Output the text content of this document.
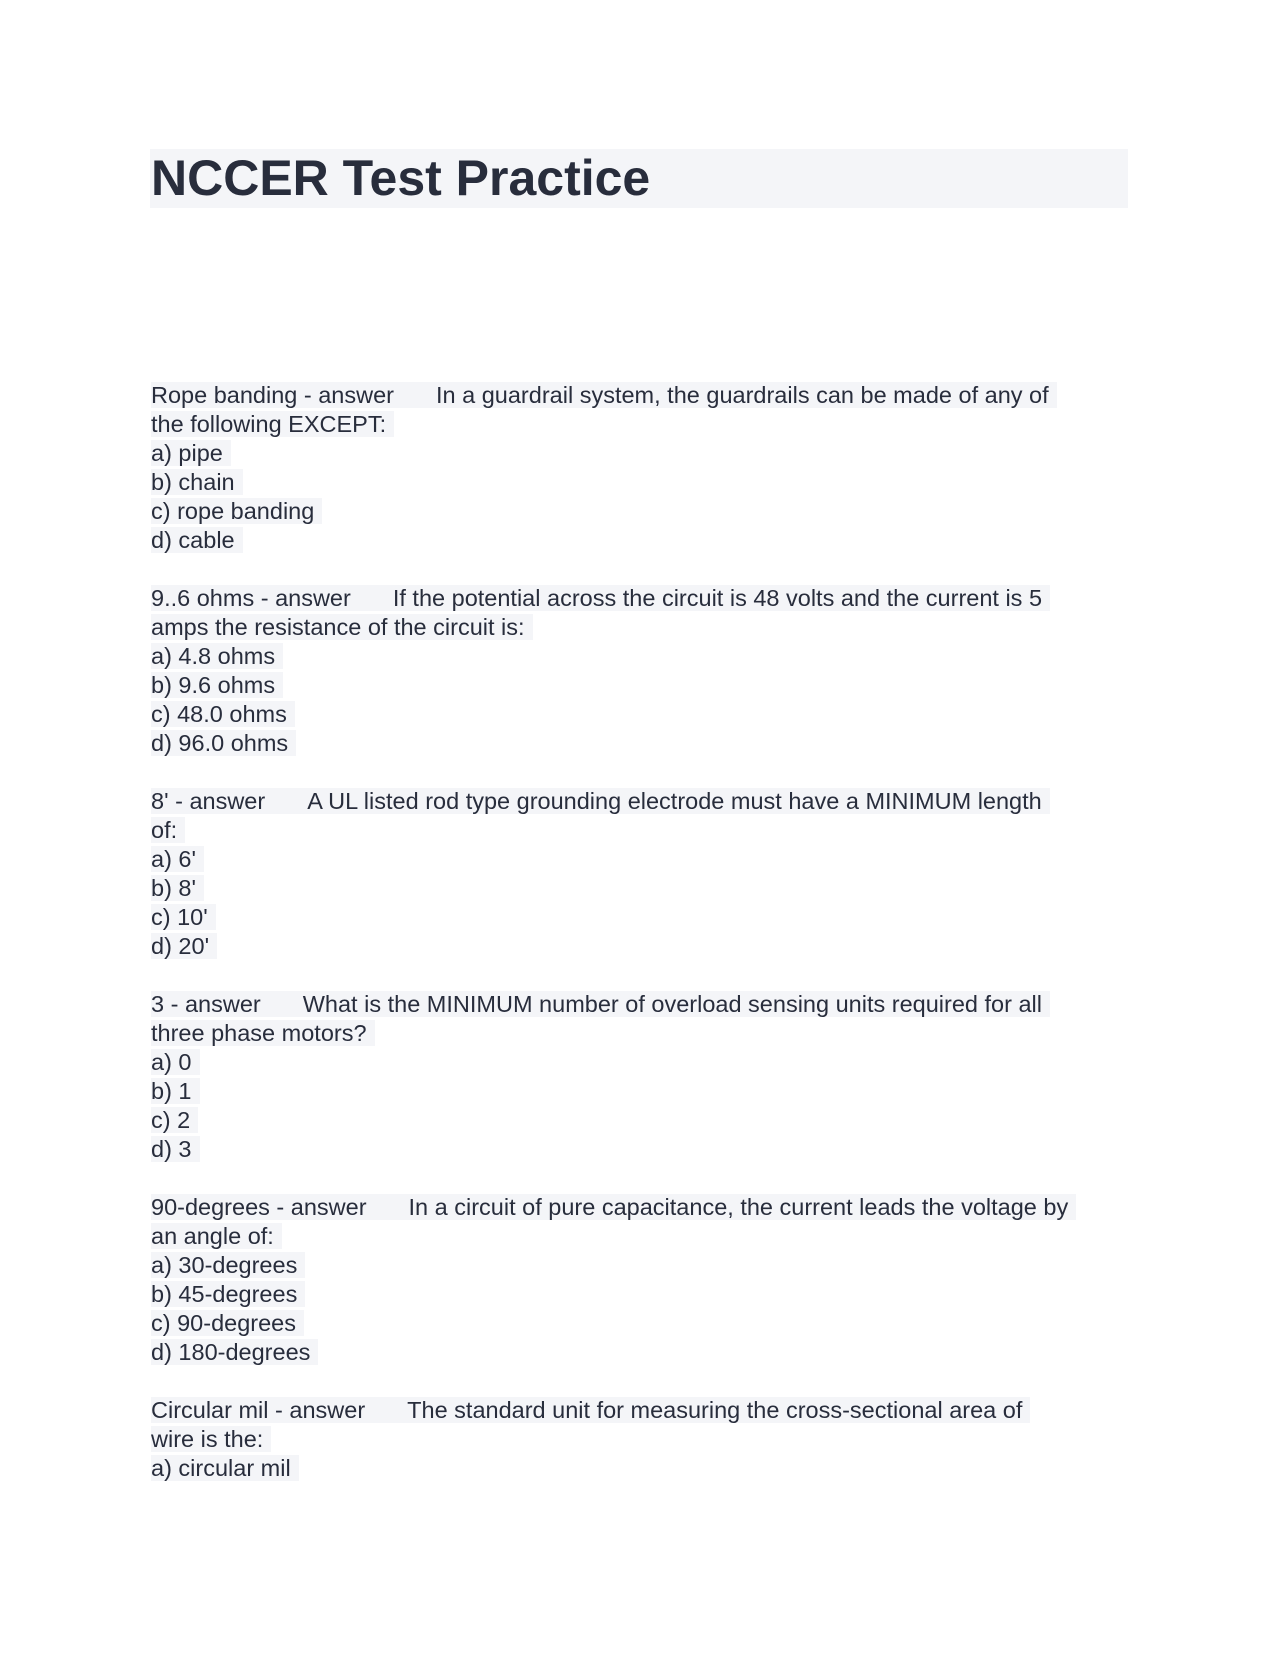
NCCER Test Practice
Rope banding - answer In a guardrail system, the guardrails can be made of any of
the following EXCEPT:
a) pipe
b) chain
c) rope banding
d) cable
9..6 ohms - answer If the potential across the circuit is 48 volts and the current is 5
amps the resistance of the circuit is:
a) 4.8 ohms
b) 9.6 ohms
c) 48.0 ohms
d) 96.0 ohms
8' - answer A UL listed rod type grounding electrode must have a MINIMUM length
of:
a) 6'
b) 8'
c) 10'
d) 20'
3 - answer What is the MINIMUM number of overload sensing units required for all
three phase motors?
a) 0
b) 1
c) 2
d) 3
90-degrees - answer In a circuit of pure capacitance, the current leads the voltage by
an angle of:
a) 30-degrees
b) 45-degrees
c) 90-degrees
d) 180-degrees
Circular mil - answer The standard unit for measuring the cross-sectional area of
wire is the:
a) circular mil
